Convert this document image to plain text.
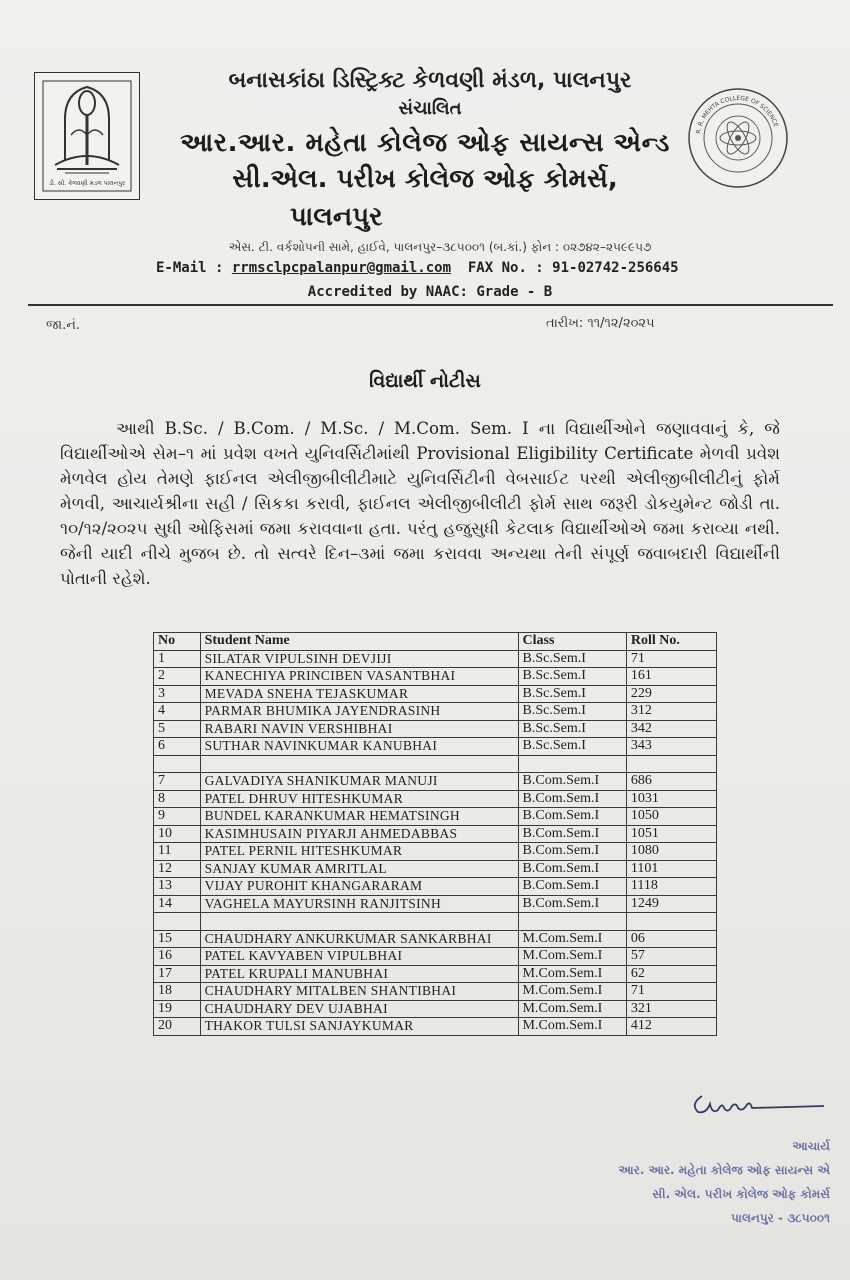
ડી. સી. કેળવણી મંડળ પાલનપુર
R. R. MEHTA COLLEGE OF SCIENCE
બનાસકાંઠા ડિસ્ટ્રિક્ટ કેળવણી મંડળ, પાલનપુર
સંચાલિત
આર.આર. મહેતા કોલેજ ઓફ સાયન્સ એન્ડ
સી.એલ. પરીખ કોલેજ ઓફ કોમર્સ,
પાલનપુર
એસ. ટી. વર્કશોપની સામે, હાઈવે, પાલનપુર–૩૮૫૦૦૧ (બ.કાં.) ફોન : ૦૨૭૪૨–૨૫૯૯૫૭
E-Mail : rrmsclpcpalanpur@gmail.com FAX No. : 91-02742-256645
Accredited by NAAC: Grade - B
જા.નં.	તારીખ: ૧૧/૧૨/૨૦૨૫
વિદ્યાર્થી નોટીસ

આથી B.Sc. / B.Com. / M.Sc. / M.Com. Sem. I ના વિદ્યાર્થીઓને જણાવવાનું કે, જે વિદ્યાર્થીઓએ સેમ–૧ માં પ્રવેશ વખતે યુનિવર્સિટીમાંથી Provisional Eligibility Certificate મેળવી પ્રવેશ મેળવેલ હોય તેમણે ફાઈનલ એલીજીબીલીટીમાટે યુનિવર્સિટીની વેબસાઈટ પરથી એલીજીબીલીટીનું ફોર્મ મેળવી, આચાર્યશ્રીના સહી / સિકકા કરાવી, ફાઈનલ એલીજીબીલીટી ફોર્મ સાથ જરૂરી ડોકયુમેન્ટ જોડી તા. ૧૦/૧૨/૨૦૨૫ સુધી ઓફિસમાં જમા કરાવવાના હતા. પરંતુ હજુસુધી કેટલાક વિદ્યાર્થીઓએ જમા કરાવ્યા નથી. જેની યાદી નીચે મુજબ છે. તો સત્વરે દિન–૩માં જમા કરાવવા અન્યથા તેની સંપૂર્ણ જવાબદારી વિદ્યાર્થીની પોતાની રહેશે.

No	Student Name	Class	Roll No.
1	SILATAR VIPULSINH DEVJIJI	B.Sc.Sem.I	71
2	KANECHIYA PRINCIBEN VASANTBHAI	B.Sc.Sem.I	161
3	MEVADA SNEHA TEJASKUMAR	B.Sc.Sem.I	229
4	PARMAR BHUMIKA JAYENDRASINH	B.Sc.Sem.I	312
5	RABARI NAVIN VERSHIBHAI	B.Sc.Sem.I	342
6	SUTHAR NAVINKUMAR KANUBHAI	B.Sc.Sem.I	343

7	GALVADIYA SHANIKUMAR MANUJI	B.Com.Sem.I	686
8	PATEL DHRUV HITESHKUMAR	B.Com.Sem.I	1031
9	BUNDEL KARANKUMAR HEMATSINGH	B.Com.Sem.I	1050
10	KASIMHUSAIN PIYARJI AHMEDABBAS	B.Com.Sem.I	1051
11	PATEL PERNIL HITESHKUMAR	B.Com.Sem.I	1080
12	SANJAY KUMAR AMRITLAL	B.Com.Sem.I	1101
13	VIJAY PUROHIT KHANGARARAM	B.Com.Sem.I	1118
14	VAGHELA MAYURSINH RANJITSINH	B.Com.Sem.I	1249

15	CHAUDHARY ANKURKUMAR SANKARBHAI	M.Com.Sem.I	06
16	PATEL KAVYABEN VIPULBHAI	M.Com.Sem.I	57
17	PATEL KRUPALI MANUBHAI	M.Com.Sem.I	62
18	CHAUDHARY MITALBEN SHANTIBHAI	M.Com.Sem.I	71
19	CHAUDHARY DEV UJABHAI	M.Com.Sem.I	321
20	THAKOR TULSI SANJAYKUMAR	M.Com.Sem.I	412
આચાર્ય
આર. આર. મહેતા કોલેજ ઓફ સાયન્સ એ
સી. એલ. પરીખ કોલેજ ઓફ કોમર્સ
પાલનપુર - ૩૮૫૦૦૧
